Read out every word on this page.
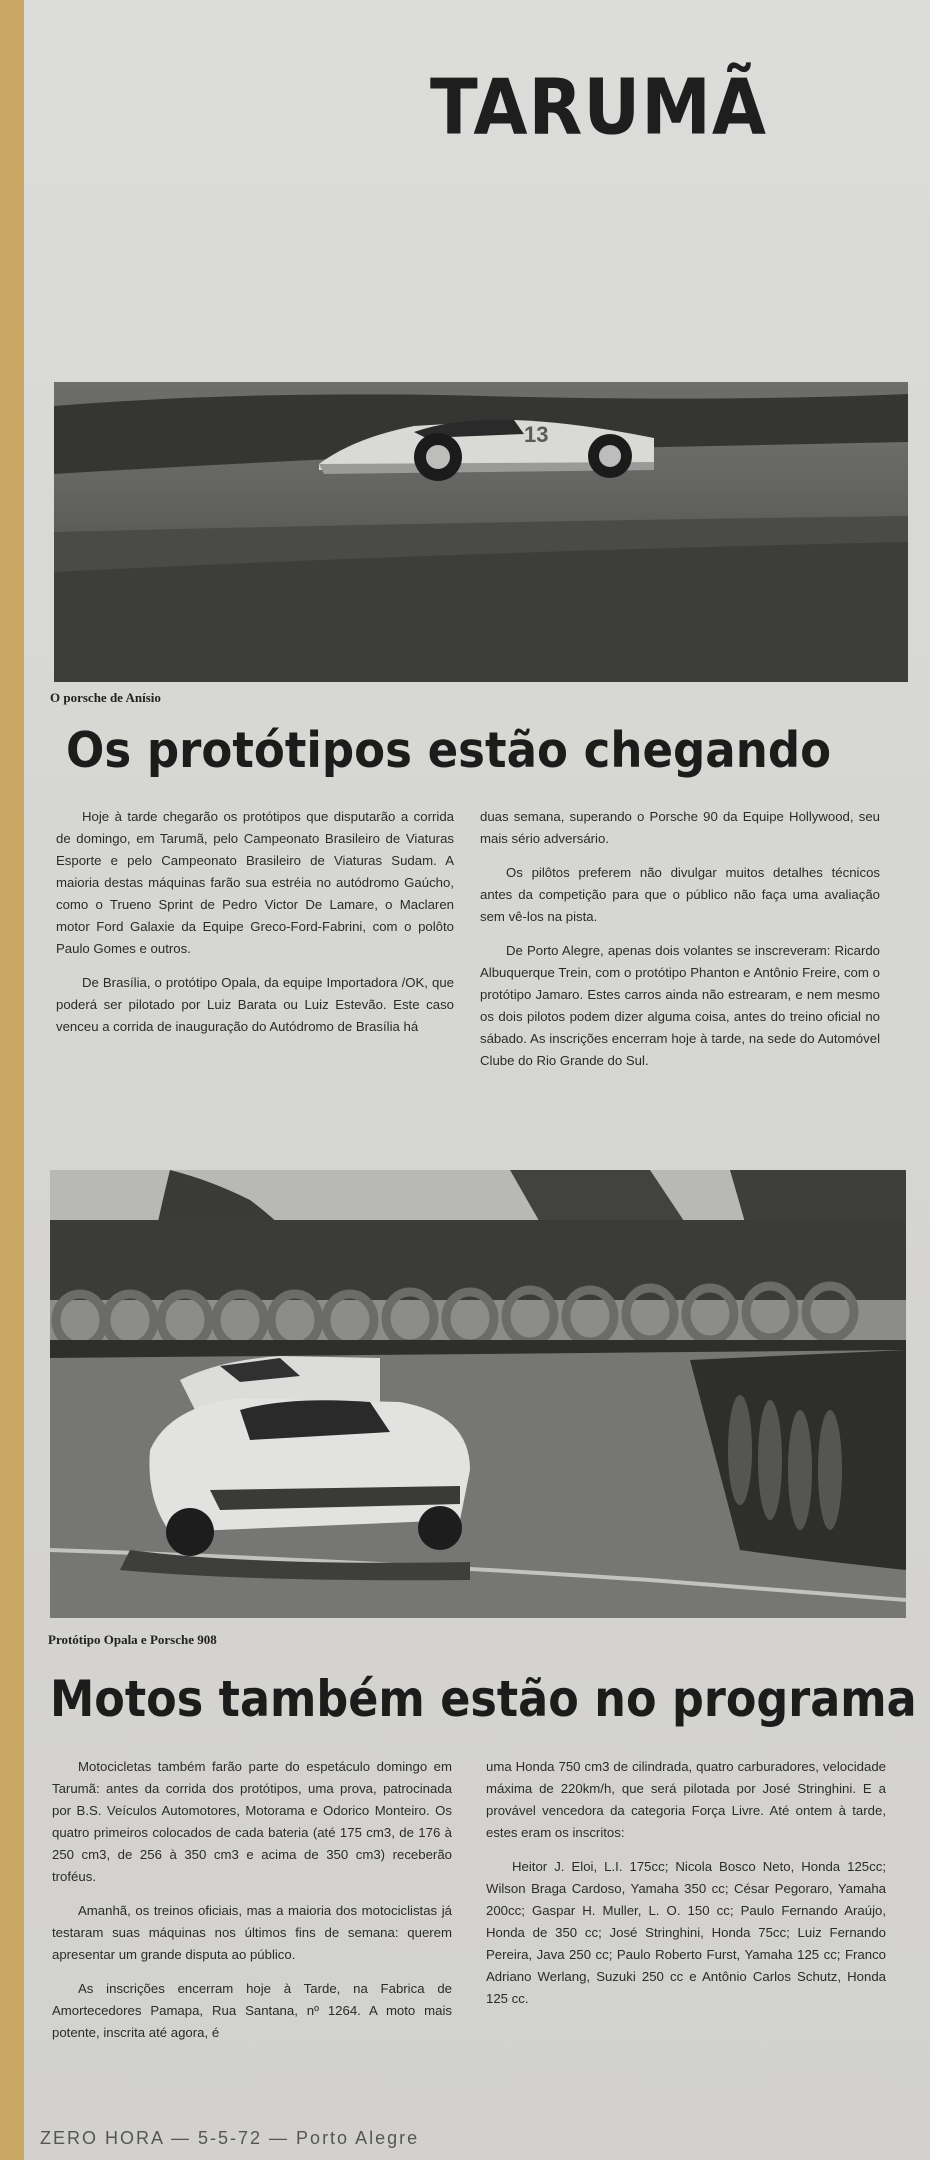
TARUMÃ
13
O porsche de Anísio
Os protótipos estão chegando

Hoje à tarde chegarão os protótipos que disputarão a corrida de domingo, em Tarumã, pelo Campeonato Brasileiro de Viaturas Esporte e pelo Campeonato Brasileiro de Viaturas Sudam. A maioria destas máquinas farão sua estréia no autódromo Gaúcho, como o Trueno Sprint de Pedro Victor De Lamare, o Maclaren motor Ford Galaxie da Equipe Greco-Ford-Fabrini, com o polôto Paulo Gomes e outros.

De Brasília, o protótipo Opala, da equipe Importadora /OK, que poderá ser pilotado por Luiz Barata ou Luiz Estevão. Este caso venceu a corrida de inauguração do Autódromo de Brasília há

duas semana, superando o Porsche 90 da Equipe Hollywood, seu mais sério adversário.

Os pilôtos preferem não divulgar muitos detalhes técnicos antes da competição para que o público não faça uma avaliação sem vê-los na pista.

De Porto Alegre, apenas dois volantes se inscreveram: Ricardo Albuquerque Trein, com o protótipo Phanton e Antônio Freire, com o protótipo Jamaro. Estes carros ainda não estrearam, e nem mesmo os dois pilotos podem dizer alguma coisa, antes do treino oficial no sábado. As inscrições encerram hoje à tarde, na sede do Automóvel Clube do Rio Grande do Sul.

Protótipo Opala e Porsche 908
Motos também estão no programa

Motocicletas também farão parte do espetáculo domingo em Tarumã: antes da corrida dos protótipos, uma prova, patrocinada por B.S. Veículos Automotores, Motorama e Odorico Monteiro. Os quatro primeiros colocados de cada bateria (até 175 cm3, de 176 à 250 cm3, de 256 à 350 cm3 e acima de 350 cm3) receberão troféus.

Amanhã, os treinos oficiais, mas a maioria dos motociclistas já testaram suas máquinas nos últimos fins de semana: querem apresentar um grande disputa ao público.

As inscrições encerram hoje à Tarde, na Fabrica de Amortecedores Pamapa, Rua Santana, nº 1264. A moto mais potente, inscrita até agora, é

uma Honda 750 cm3 de cilindrada, quatro carburadores, velocidade máxima de 220km/h, que será pilotada por José Stringhini. E a provável vencedora da categoria Força Livre. Até ontem à tarde, estes eram os inscritos:

Heitor J. Eloi, L.I. 175cc; Nicola Bosco Neto, Honda 125cc; Wilson Braga Cardoso, Yamaha 350 cc; César Pegoraro, Yamaha 200cc; Gaspar H. Muller, L. O. 150 cc; Paulo Fernando Araújo, Honda de 350 cc; José Stringhini, Honda 75cc; Luiz Fernando Pereira, Java 250 cc; Paulo Roberto Furst, Yamaha 125 cc; Franco Adriano Werlang, Suzuki 250 cc e Antônio Carlos Schutz, Honda 125 cc.

ZERO HORA — 5-5-72 — Porto Alegre
